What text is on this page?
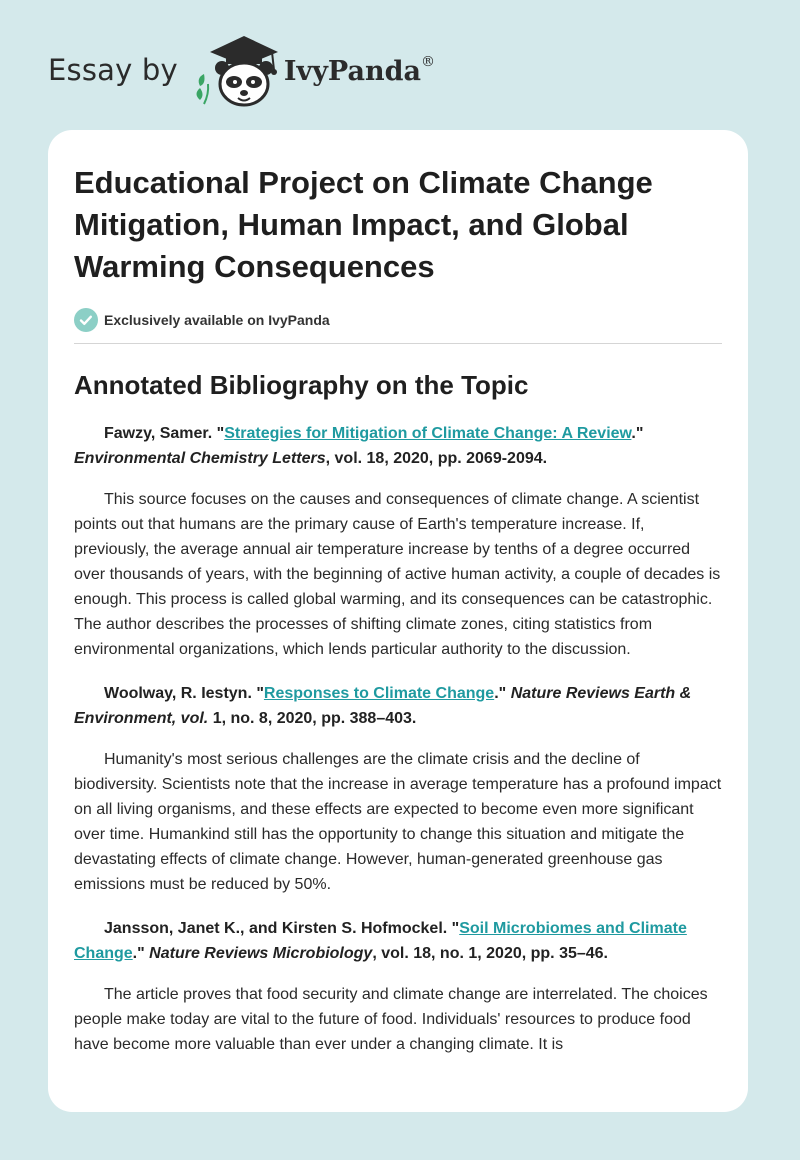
Essay by	IvyPanda®
Educational Project on Climate Change Mitigation, Human Impact, and Global Warming Consequences
Exclusively available on IvyPanda
Annotated Bibliography on the Topic

Fawzy, Samer. "Strategies for Mitigation of Climate Change: A Review." Environmental Chemistry Letters, vol. 18, 2020, pp. 2069-2094.

This source focuses on the causes and consequences of climate change. A scientist points out that humans are the primary cause of Earth's temperature increase. If, previously, the average annual air temperature increase by tenths of a degree occurred over thousands of years, with the beginning of active human activity, a couple of decades is enough. This process is called global warming, and its consequences can be catastrophic. The author describes the processes of shifting climate zones, citing statistics from environmental organizations, which lends particular authority to the discussion.

Woolway, R. Iestyn. "Responses to Climate Change." Nature Reviews Earth & Environment, vol. 1, no. 8, 2020, pp. 388–403.

Humanity's most serious challenges are the climate crisis and the decline of biodiversity. Scientists note that the increase in average temperature has a profound impact on all living organisms, and these effects are expected to become even more significant over time. Humankind still has the opportunity to change this situation and mitigate the devastating effects of climate change. However, human-generated greenhouse gas emissions must be reduced by 50%.

Jansson, Janet K., and Kirsten S. Hofmockel. "Soil Microbiomes and Climate Change." Nature Reviews Microbiology, vol. 18, no. 1, 2020, pp. 35–46.

The article proves that food security and climate change are interrelated. The choices people make today are vital to the future of food. Individuals' resources to produce food have become more valuable than ever under a changing climate. It is
